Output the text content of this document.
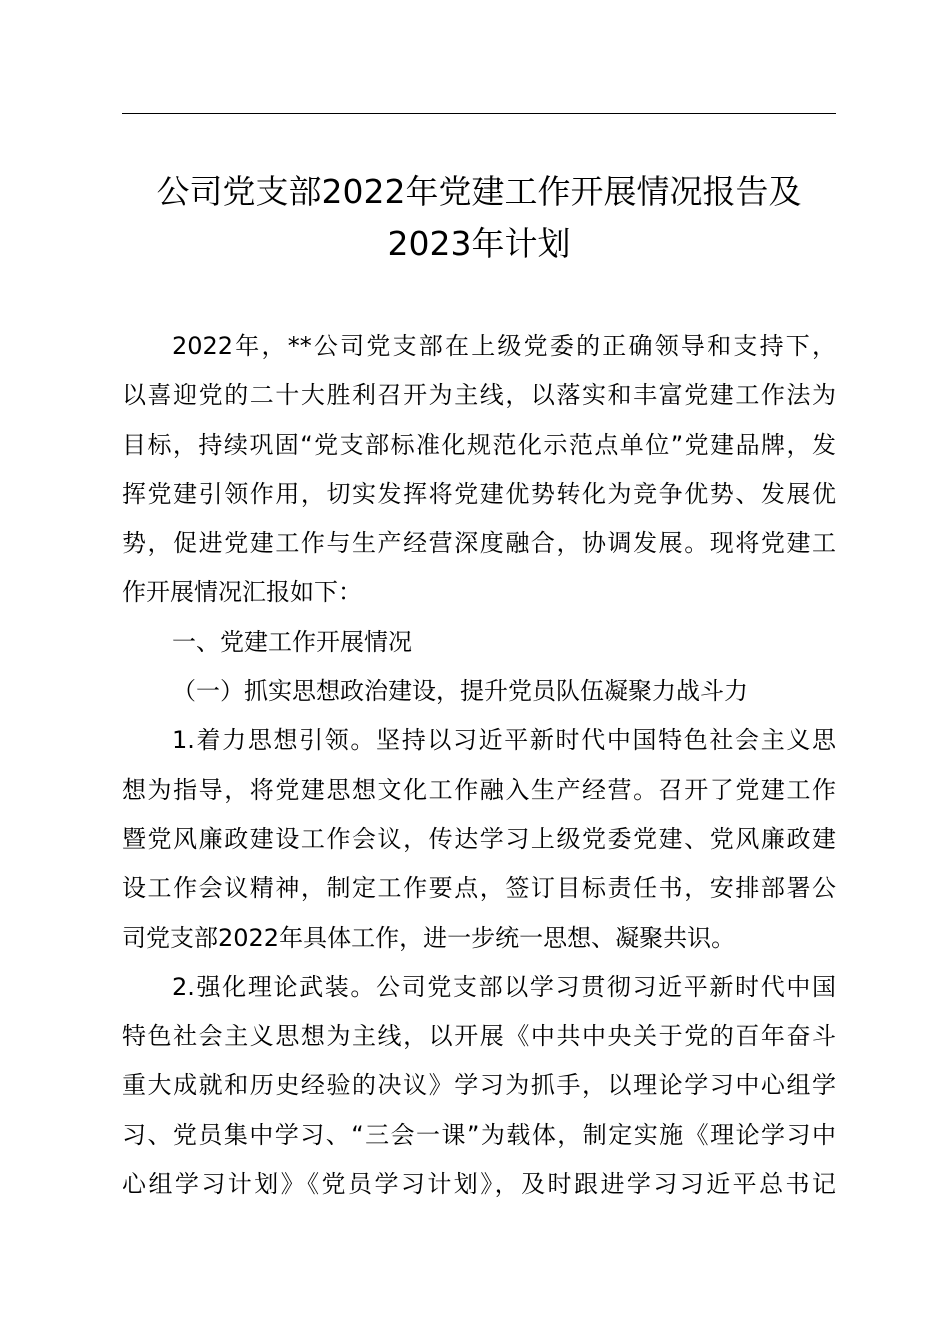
公司党支部2022年党建工作开展情况报告及
2023年计划
2022年，**公司党支部在上级党委的正确领导和支持下，
以喜迎党的二十大胜利召开为主线，以落实和丰富党建工作法为
目标，持续巩固“党支部标准化规范化示范点单位”党建品牌，发
挥党建引领作用，切实发挥将党建优势转化为竞争优势、发展优
势，促进党建工作与生产经营深度融合，协调发展。现将党建工
作开展情况汇报如下：
一、党建工作开展情况
（一）抓实思想政治建设，提升党员队伍凝聚力战斗力
1.着力思想引领。坚持以习近平新时代中国特色社会主义思
想为指导，将党建思想文化工作融入生产经营。召开了党建工作
暨党风廉政建设工作会议，传达学习上级党委党建、党风廉政建
设工作会议精神，制定工作要点，签订目标责任书，安排部署公
司党支部2022年具体工作，进一步统一思想、凝聚共识。
2.强化理论武装。公司党支部以学习贯彻习近平新时代中国
特色社会主义思想为主线，以开展《中共中央关于党的百年奋斗
重大成就和历史经验的决议》学习为抓手，以理论学习中心组学
习、党员集中学习、“三会一课”为载体，制定实施《理论学习中
心组学习计划》《党员学习计划》，及时跟进学习习近平总书记
